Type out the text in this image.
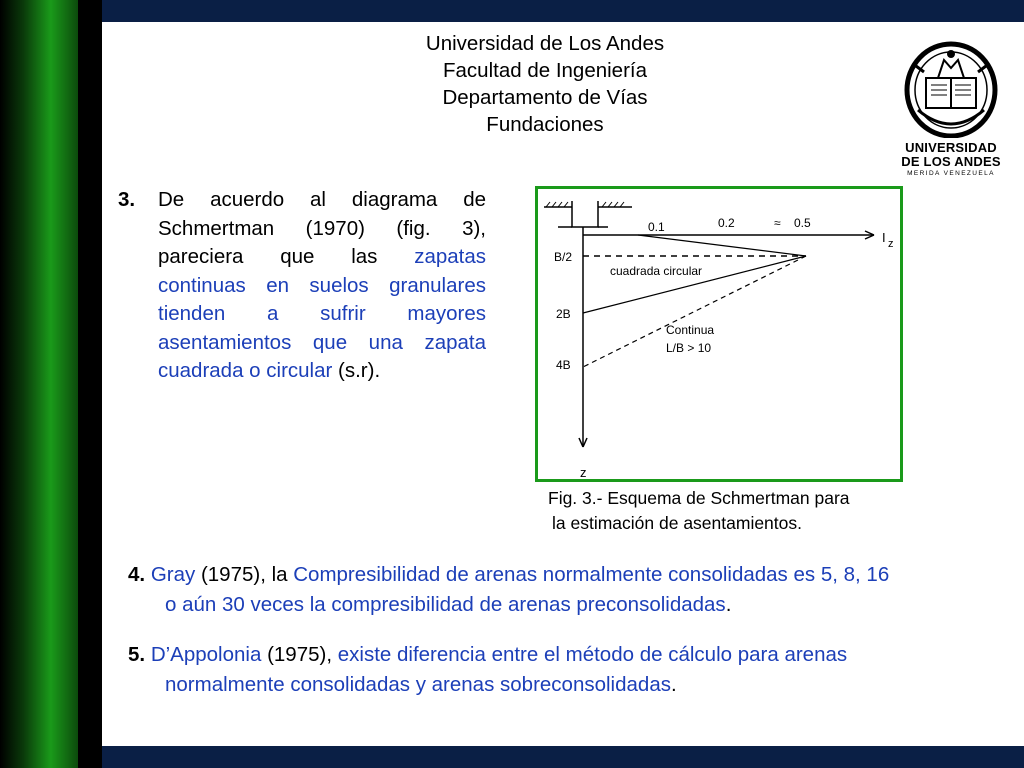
Universidad de Los Andes
Facultad de Ingeniería
Departamento de Vías
Fundaciones
UNIVERSIDAD
DE LOS ANDES
MERIDA VENEZUELA
3. De acuerdo al diagrama de Schmertman (1970) (fig. 3), pareciera que las zapatas continuas en suelos granulares tienden a sufrir mayores asentamientos que una zapata cuadrada o circular (s.r).
0.1	0.2	≈ 0.5
I z
B/2
2B
4B
z
cuadrada circular
Continua
L/B > 10
Fig. 3.- Esquema de Schmertman para
la estimación de asentamientos.
4. Gray (1975), la Compresibilidad de arenas normalmente consolidadas es 5, 8, 16
o aún 30 veces la compresibilidad de arenas preconsolidadas.
5. D’Appolonia (1975), existe diferencia entre el método de cálculo para arenas
normalmente consolidadas y arenas sobreconsolidadas.
